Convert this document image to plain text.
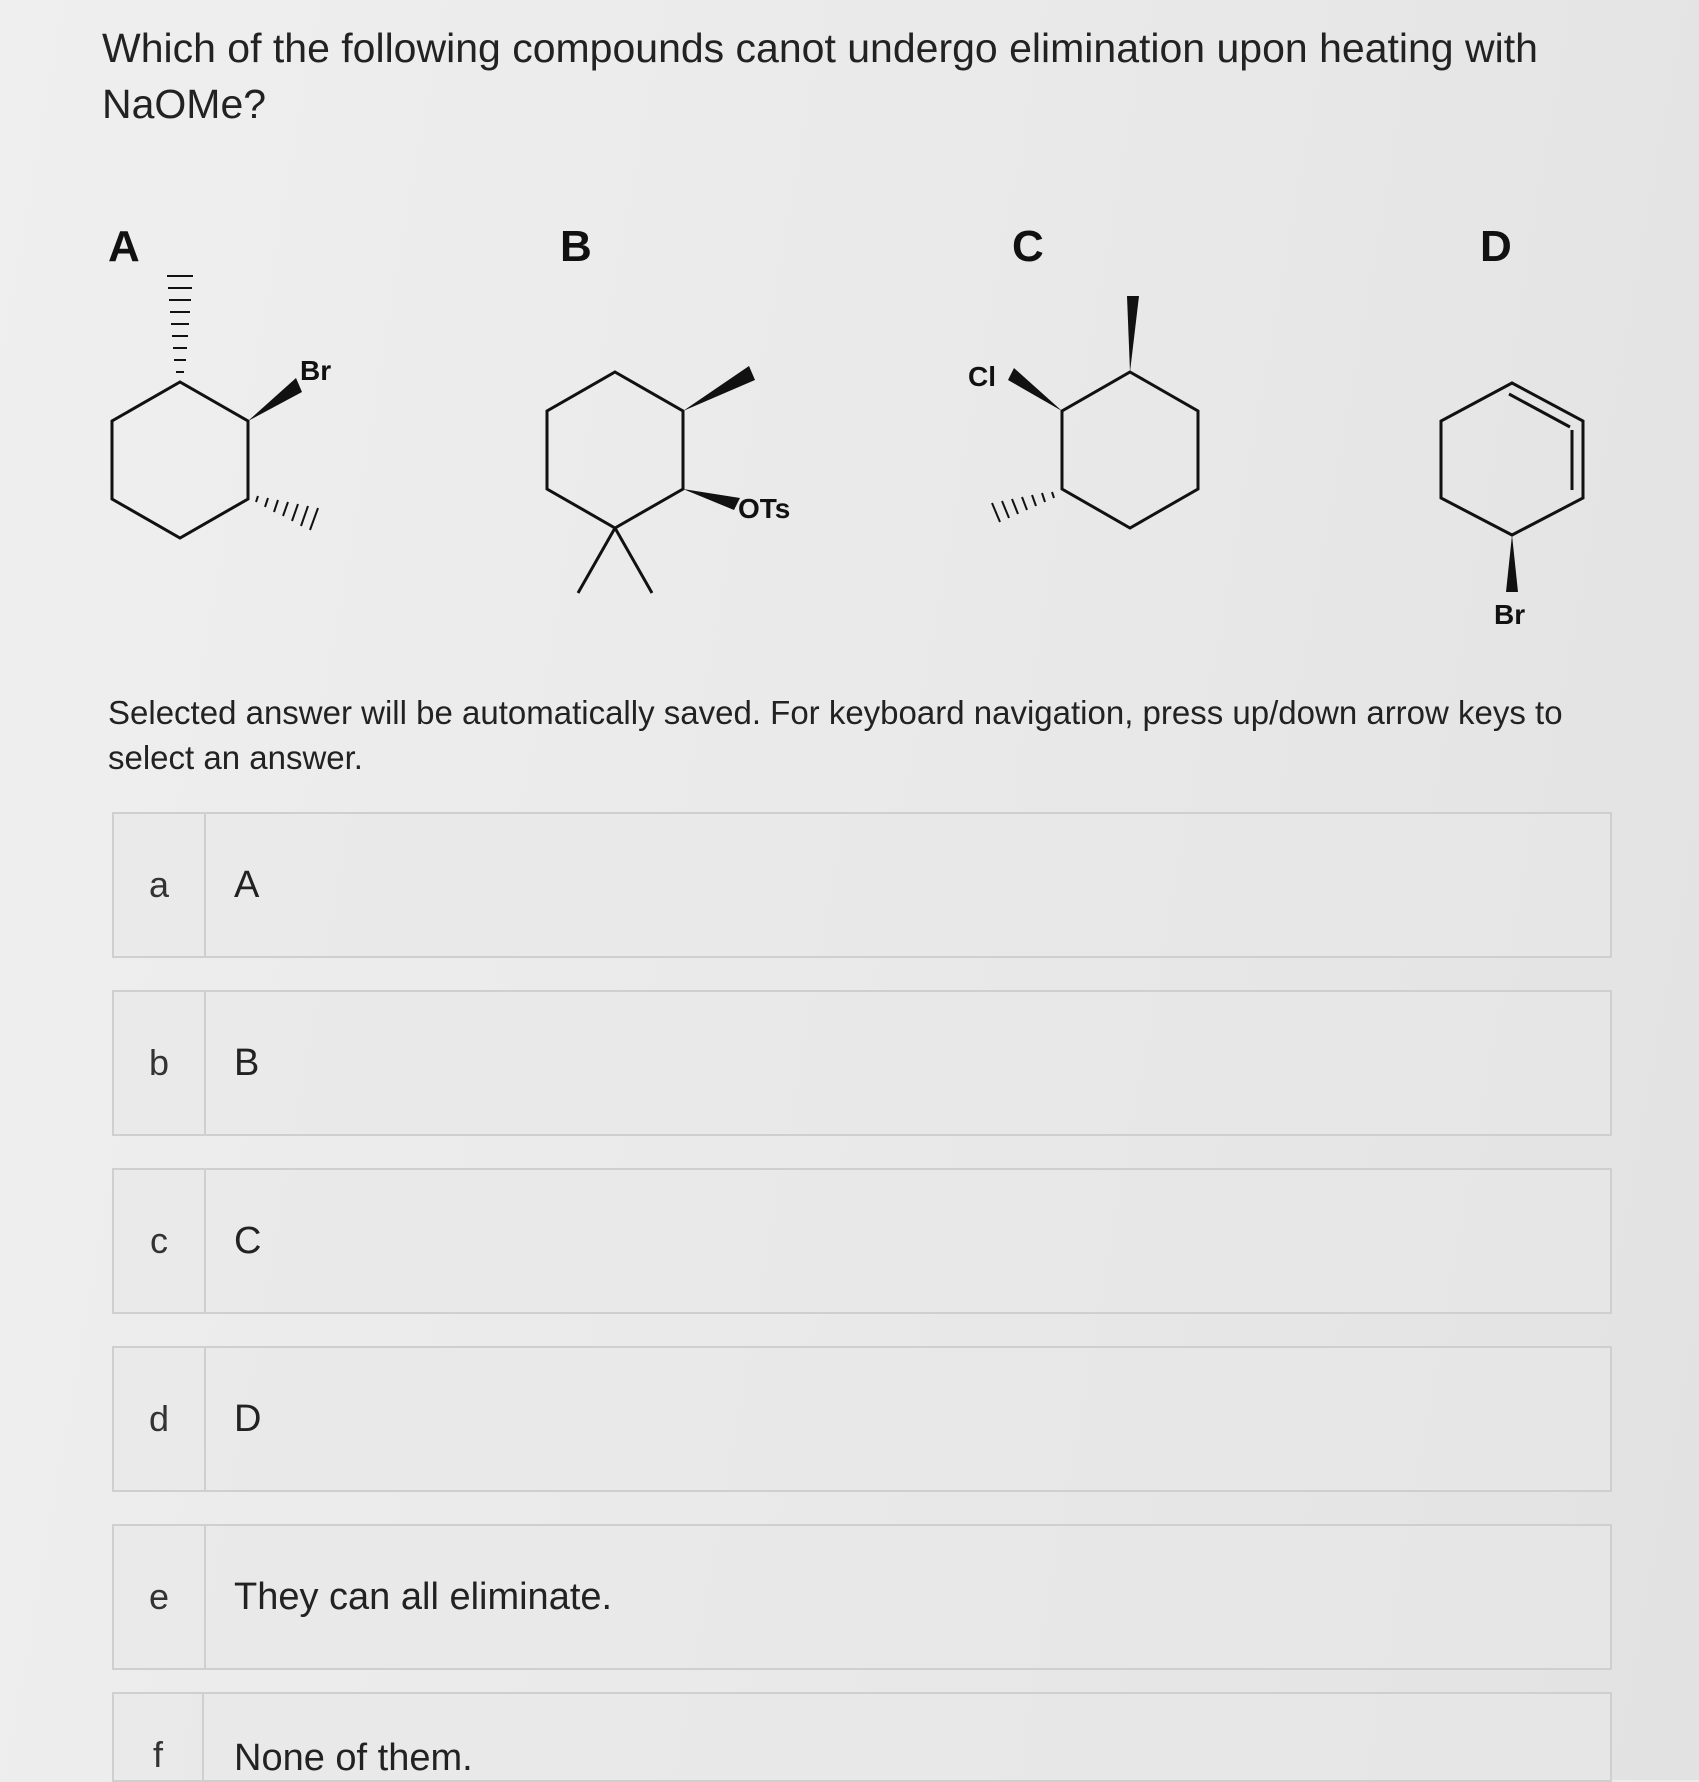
Which of the following compounds canot undergo elimination upon heating with NaOMe?
A	B	C	D
Br
OTs
Cl
Br
Selected answer will be automatically saved. For keyboard navigation, press up/down arrow keys to select an answer.
a	A
b	B
c	C
d	D
e	They can all eliminate.
f	None of them.
